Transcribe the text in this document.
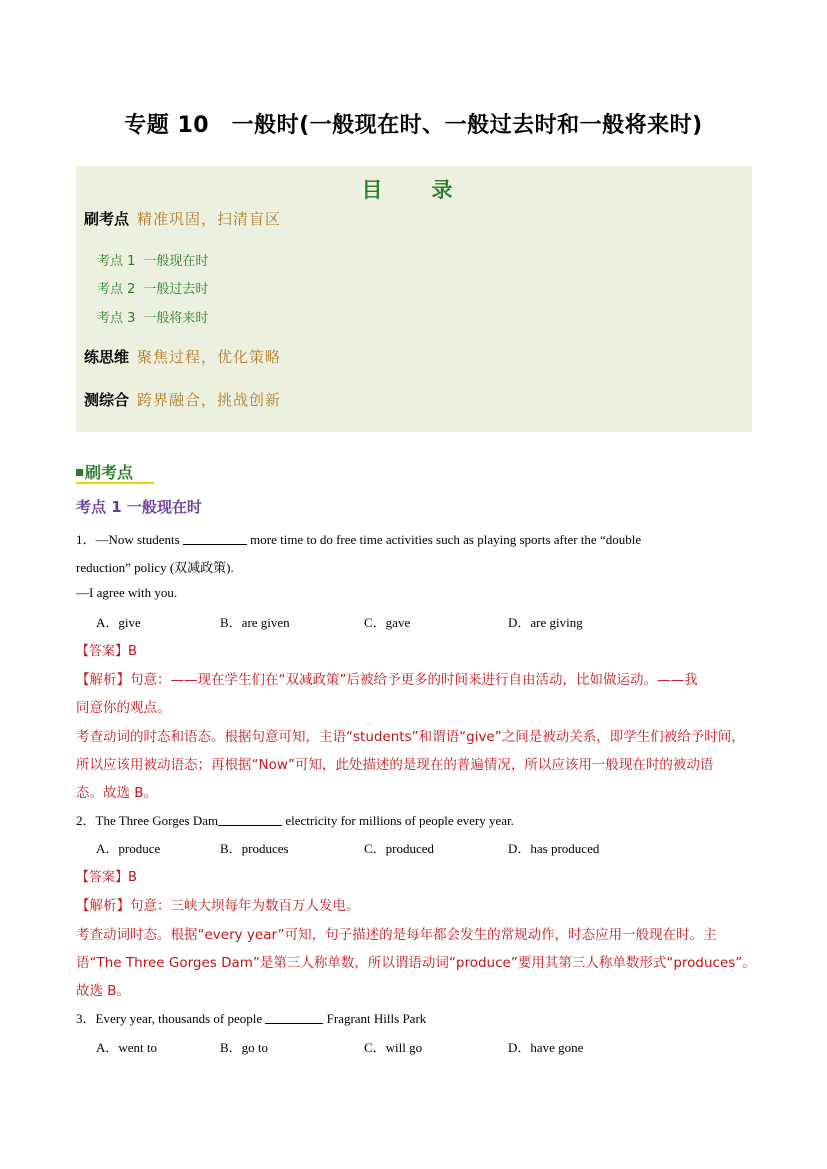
专题 10　一般时(一般现在时、一般过去时和一般将来时)
目　录
刷考点 精准巩固，扫清盲区
考点 1 一般现在时
考点 2 一般过去时
考点 3 一般将来时
练思维 聚焦过程，优化策略
测综合 跨界融合，挑战创新
刷考点
考点 1 一般现在时
1．—Now students	more time to do free time activities such as playing sports after the “double
reduction” policy (双减政策).
—I agree with you.
A．give	B．are given	C．gave	D．are giving
【答案】B
【解析】句意：——现在学生们在“双减政策”后被给予更多的时间来进行自由活动，比如做运动。——我
同意你的观点。
考查动词的时态和语态。根据句意可知，主语“students”和谓语“give”之间是被动关系，即学生们被给予时间，
所以应该用被动语态；再根据“Now”可知，此处描述的是现在的普遍情况，所以应该用一般现在时的被动语
态。故选 B。
2．The Three Gorges Dam	electricity for millions of people every year.
A．produce	B．produces	C．produced	D．has produced
【答案】B
【解析】句意：三峡大坝每年为数百万人发电。
考查动词时态。根据“every year”可知，句子描述的是每年都会发生的常规动作，时态应用一般现在时。主
语“The Three Gorges Dam”是第三人称单数，所以谓语动词“produce”要用其第三人称单数形式“produces”。
故选 B。
3．Every year, thousands of people	Fragrant Hills Park
A．went to	B．go to	C．will go	D．have gone
